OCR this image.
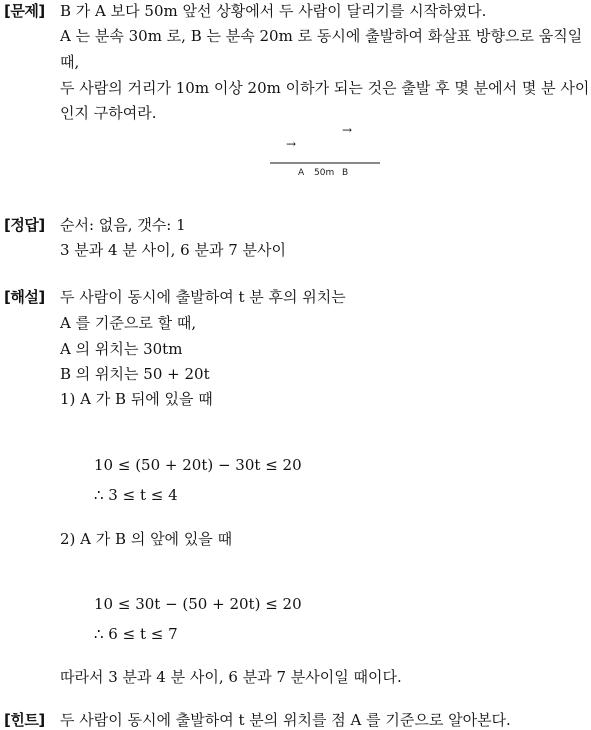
[문제] B 가 A 보다 50m 앞선 상황에서 두 사람이 달리기를 시작하였다.
A 는 분속 30m 로, B 는 분속 20m 로 동시에 출발하여 화살표 방향으로 움직일
때,
두 사람의 거리가 10m 이상 20m 이하가 되는 것은 출발 후 몇 분에서 몇 분 사이
인지 구하여라.
→
→
A 50m B
[정답] 순서: 없음, 갯수: 1
3 분과 4 분 사이, 6 분과 7 분사이
[해설] 두 사람이 동시에 출발하여 t 분 후의 위치는
A 를 기준으로 할 때,
A 의 위치는 30tm
B 의 위치는 50 + 20t
1) A 가 B 뒤에 있을 때
10 ≤ (50 + 20t) − 30t ≤ 20
∴ 3 ≤ t ≤ 4
2) A 가 B 의 앞에 있을 때
10 ≤ 30t − (50 + 20t) ≤ 20
∴ 6 ≤ t ≤ 7
따라서 3 분과 4 분 사이, 6 분과 7 분사이일 때이다.
[힌트] 두 사람이 동시에 출발하여 t 분의 위치를 점 A 를 기준으로 알아본다.
